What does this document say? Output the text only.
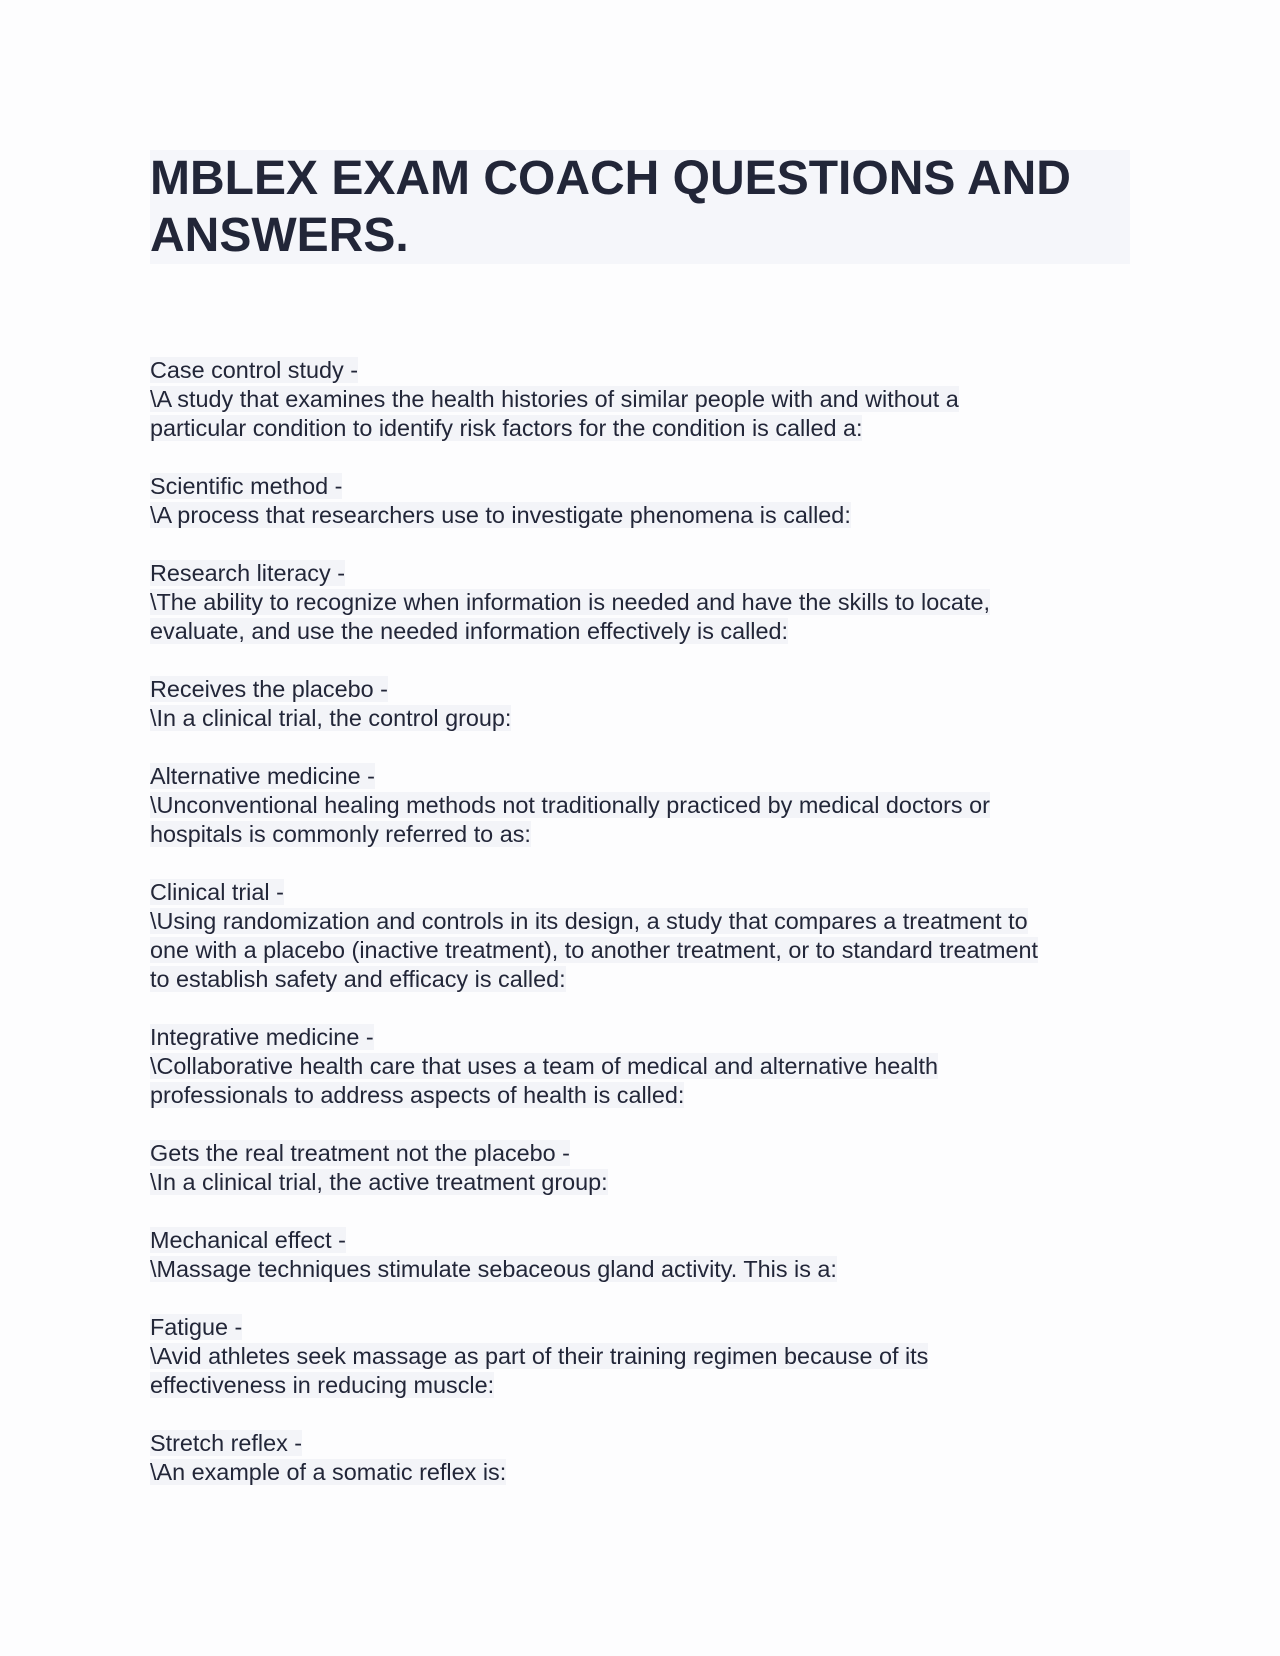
MBLEX EXAM COACH QUESTIONS AND ANSWERS.
Case control study -
\A study that examines the health histories of similar people with and without a
particular condition to identify risk factors for the condition is called a:
Scientific method -
\A process that researchers use to investigate phenomena is called:
Research literacy -
\The ability to recognize when information is needed and have the skills to locate,
evaluate, and use the needed information effectively is called:
Receives the placebo -
\In a clinical trial, the control group:
Alternative medicine -
\Unconventional healing methods not traditionally practiced by medical doctors or
hospitals is commonly referred to as:
Clinical trial -
\Using randomization and controls in its design, a study that compares a treatment to
one with a placebo (inactive treatment), to another treatment, or to standard treatment
to establish safety and efficacy is called:
Integrative medicine -
\Collaborative health care that uses a team of medical and alternative health
professionals to address aspects of health is called:
Gets the real treatment not the placebo -
\In a clinical trial, the active treatment group:
Mechanical effect -
\Massage techniques stimulate sebaceous gland activity. This is a:
Fatigue -
\Avid athletes seek massage as part of their training regimen because of its
effectiveness in reducing muscle:
Stretch reflex -
\An example of a somatic reflex is:
